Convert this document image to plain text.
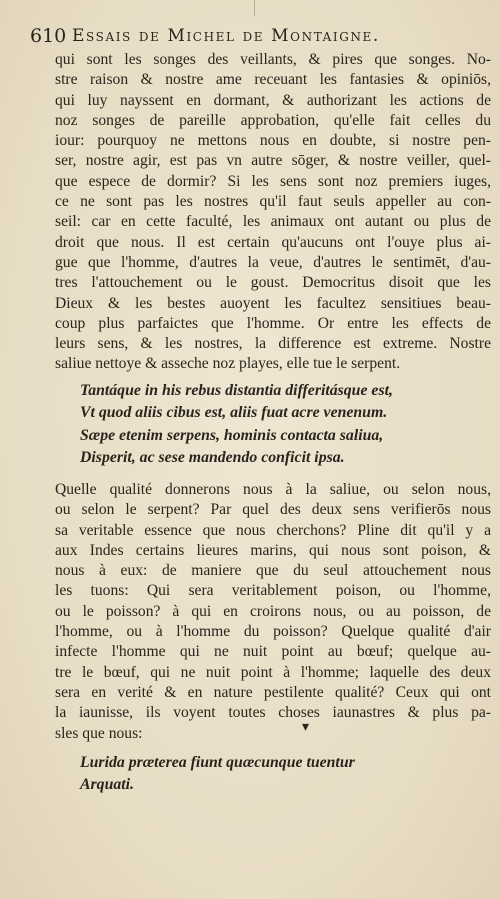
610 Essais de Michel de Montaigne.
qui sont les songes des veillants, & pires que songes. No-
stre raison & nostre ame receuant les fantasies & opiniōs,
qui luy nayssent en dormant, & authorizant les actions de
noz songes de pareille approbation, qu'elle fait celles du
iour: pourquoy ne mettons nous en doubte, si nostre pen-
ser, nostre agir, est pas vn autre sōger, & nostre veiller, quel-
que espece de dormir? Si les sens sont noz premiers iuges,
ce ne sont pas les nostres qu'il faut seuls appeller au con-
seil: car en cette faculté, les animaux ont autant ou plus de
droit que nous. Il est certain qu'aucuns ont l'ouye plus ai-
gue que l'homme, d'autres la veue, d'autres le sentimēt, d'au-
tres l'attouchement ou le goust. Democritus disoit que les
Dieux & les bestes auoyent les facultez sensitiues beau-
coup plus parfaictes que l'homme. Or entre les effects de
leurs sens, & les nostres, la difference est extreme. Nostre
saliue nettoye & asseche noz playes, elle tue le serpent.
Tantáque in his rebus distantia differitásque est,
Vt quod aliis cibus est, aliis fuat acre venenum.
Sæpe etenim serpens, hominis contacta saliua,
Disperit, ac sese mandendo conficit ipsa.
Quelle qualité donnerons nous à la saliue, ou selon nous,
ou selon le serpent? Par quel des deux sens verifierōs nous
sa veritable essence que nous cherchons? Pline dit qu'il y a
aux Indes certains lieures marins, qui nous sont poison, &
nous à eux: de maniere que du seul attouchement nous
les tuons: Qui sera veritablement poison, ou l'homme,
ou le poisson? à qui en croirons nous, ou au poisson, de
l'homme, ou à l'homme du poisson? Quelque qualité d'air
infecte l'homme qui ne nuit point au bœuf; quelque au-
tre le bœuf, qui ne nuit point à l'homme; laquelle des deux
sera en verité & en nature pestilente qualité? Ceux qui ont
la iaunisse, ils voyent toutes choses iaunastres & plus pa-
sles que nous:	▾
Lurida præterea fiunt quæcunque tuentur
Arquati.
